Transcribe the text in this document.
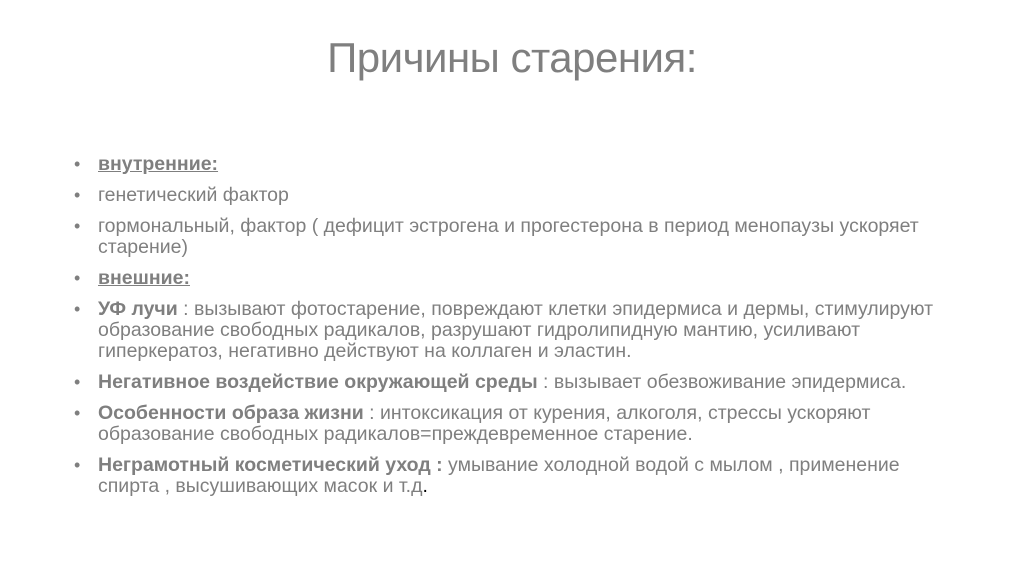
Причины старения:
• внутренние:
• генетический фактор
• гормональный, фактор ( дефицит эстрогена и прогестерона в период менопаузы ускоряет старение)
• внешние:
• УФ лучи : вызывают фотостарение, повреждают клетки эпидермиса и дермы, стимулируют образование свободных радикалов, разрушают гидролипидную мантию, усиливают гиперкератоз, негативно действуют на коллаген и эластин.
• Негативное воздействие окружающей среды : вызывает обезвоживание эпидермиса.
• Особенности образа жизни : интоксикация от курения, алкоголя, стрессы ускоряют образование свободных радикалов=преждевременное старение.
• Неграмотный косметический уход : умывание холодной водой с мылом , применение спирта , высушивающих масок и т.д.
